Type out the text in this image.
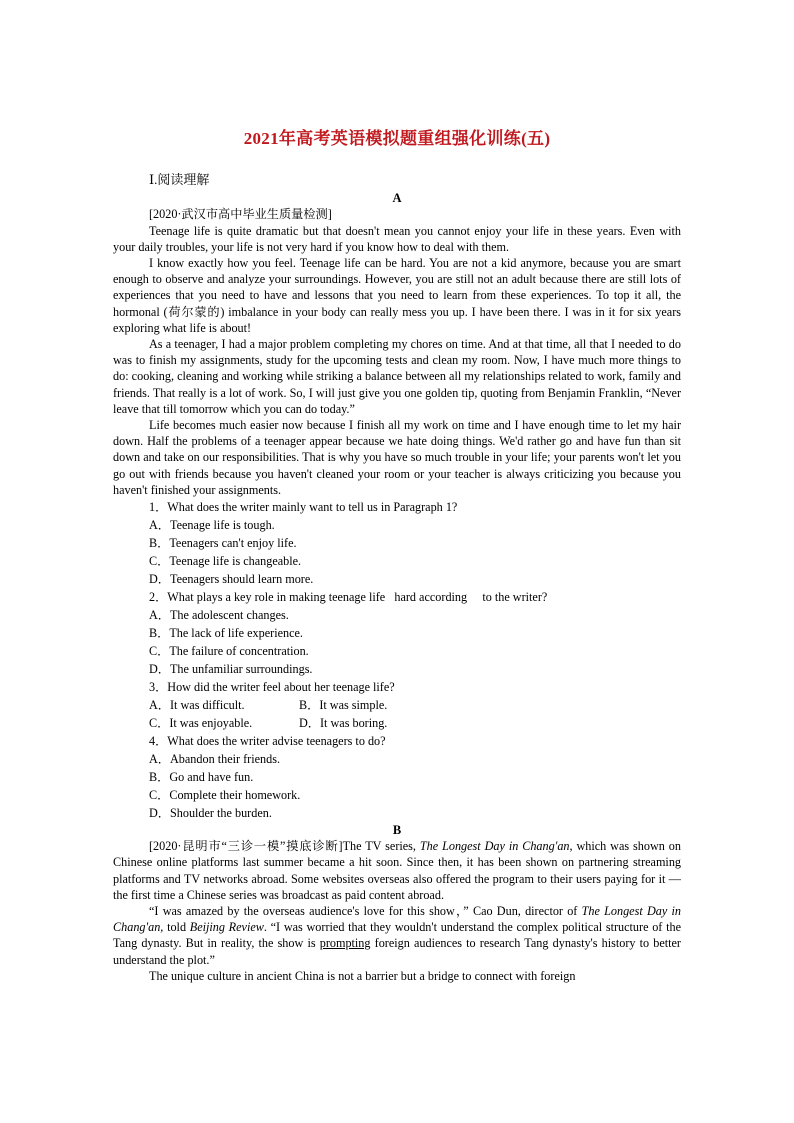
2021年高考英语模拟题重组强化训练(五)
Ⅰ.阅读理解
A

[2020·武汉市高中毕业生质量检测]

Teenage life is quite dramatic but that doesn't mean you cannot enjoy your life in these years. Even with your daily troubles, your life is not very hard if you know how to deal with them.

I know exactly how you feel. Teenage life can be hard. You are not a kid anymore, because you are smart enough to observe and analyze your surroundings. However, you are still not an adult because there are still lots of experiences that you need to have and lessons that you need to learn from these experiences. To top it all, the hormonal (荷尔蒙的) imbalance in your body can really mess you up. I have been there. I was in it for six years exploring what life is about!

As a teenager, I had a major problem completing my chores on time. And at that time, all that I needed to do was to finish my assignments, study for the upcoming tests and clean my room. Now, I have much more things to do: cooking, cleaning and working while striking a balance between all my relationships related to work, family and friends. That really is a lot of work. So, I will just give you one golden tip, quoting from Benjamin Franklin, “Never leave that till tomorrow which you can do today.”

Life becomes much easier now because I finish all my work on time and I have enough time to let my hair down. Half the problems of a teenager appear because we hate doing things. We'd rather go and have fun than sit down and take on our responsibilities. That is why you have so much trouble in your life; your parents won't let you go out with friends because you haven't cleaned your room or your teacher is always criticizing you because you haven't finished your assignments.

1．What does the writer mainly want to tell us in Paragraph 1?
A．Teenage life is tough.
B．Teenagers can't enjoy life.
C．Teenage life is changeable.
D．Teenagers should learn more.
2．What plays a key role in making teenage life   hard according     to the writer?
A．The adolescent changes.
B．The lack of life experience.
C．The failure of concentration.
D．The unfamiliar surroundings.
3．How did the writer feel about her teenage life?
A．It was difficult.	B．It was simple.
C．It was enjoyable.	D．It was boring.
4．What does the writer advise teenagers to do?
A．Abandon their friends.
B．Go and have fun.
C．Complete their homework.
D．Shoulder the burden.
B

[2020·昆明市“三诊一模”摸底诊断]The TV series, The Longest Day in Chang'an, which was shown on Chinese online platforms last summer became a hit soon. Since then, it has been shown on partnering streaming platforms and TV networks abroad. Some websites overseas also offered the program to their users paying for it — the first time a Chinese series was broadcast as paid content abroad.

“I was amazed by the overseas audience's love for this show，” Cao Dun, director of The Longest Day in Chang'an, told Beijing Review. “I was worried that they wouldn't understand the complex political structure of the Tang dynasty. But in reality, the show is prompting foreign audiences to research Tang dynasty's history to better understand the plot.”

The unique culture in ancient China is not a barrier but a bridge to connect with foreign
